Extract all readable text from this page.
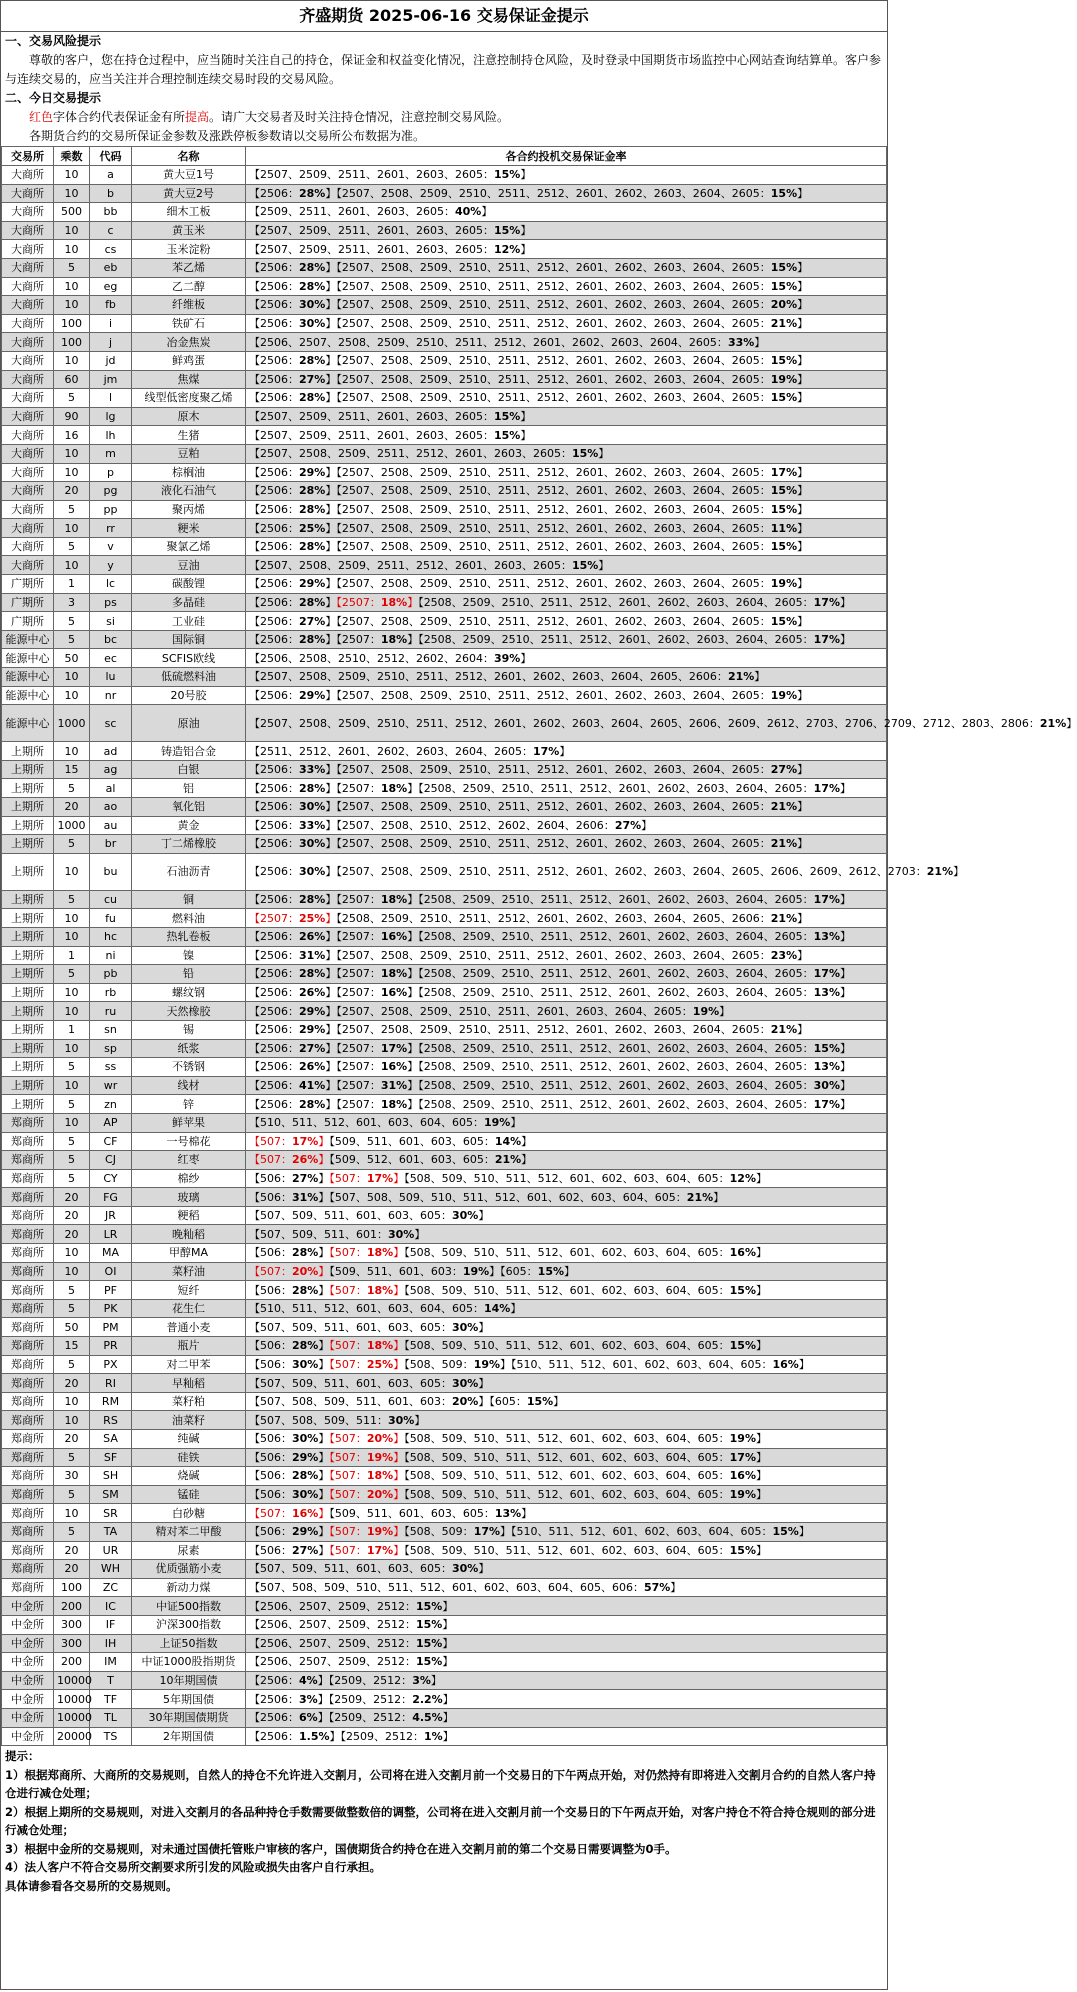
齐盛期货 2025-06-16 交易保证金提示
一、交易风险提示
尊敬的客户，您在持仓过程中，应当随时关注自己的持仓，保证金和权益变化情况，注意控制持仓风险，及时登录中国期货市场监控中心网站查询结算单。客户参与连续交易的，应当关注并合理控制连续交易时段的交易风险。
二、今日交易提示
红色字体合约代表保证金有所提高。请广大交易者及时关注持仓情况，注意控制交易风险。
各期货合约的交易所保证金参数及涨跌停板参数请以交易所公布数据为准。
交易所	乘数	代码	名称	各合约投机交易保证金率
大商所	10	a	黄大豆1号	【2507、2509、2511、2601、2603、2605：15%】
大商所	10	b	黄大豆2号	【2506：28%】【2507、2508、2509、2510、2511、2512、2601、2602、2603、2604、2605：15%】
大商所	500	bb	细木工板	【2509、2511、2601、2603、2605：40%】
大商所	10	c	黄玉米	【2507、2509、2511、2601、2603、2605：15%】
大商所	10	cs	玉米淀粉	【2507、2509、2511、2601、2603、2605：12%】
大商所	5	eb	苯乙烯	【2506：28%】【2507、2508、2509、2510、2511、2512、2601、2602、2603、2604、2605：15%】
大商所	10	eg	乙二醇	【2506：28%】【2507、2508、2509、2510、2511、2512、2601、2602、2603、2604、2605：15%】
大商所	10	fb	纤维板	【2506：30%】【2507、2508、2509、2510、2511、2512、2601、2602、2603、2604、2605：20%】
大商所	100	i	铁矿石	【2506：30%】【2507、2508、2509、2510、2511、2512、2601、2602、2603、2604、2605：21%】
大商所	100	j	冶金焦炭	【2506、2507、2508、2509、2510、2511、2512、2601、2602、2603、2604、2605：33%】
大商所	10	jd	鲜鸡蛋	【2506：28%】【2507、2508、2509、2510、2511、2512、2601、2602、2603、2604、2605：15%】
大商所	60	jm	焦煤	【2506：27%】【2507、2508、2509、2510、2511、2512、2601、2602、2603、2604、2605：19%】
大商所	5	l	线型低密度聚乙烯	【2506：28%】【2507、2508、2509、2510、2511、2512、2601、2602、2603、2604、2605：15%】
大商所	90	lg	原木	【2507、2509、2511、2601、2603、2605：15%】
大商所	16	lh	生猪	【2507、2509、2511、2601、2603、2605：15%】
大商所	10	m	豆粕	【2507、2508、2509、2511、2512、2601、2603、2605：15%】
大商所	10	p	棕榈油	【2506：29%】【2507、2508、2509、2510、2511、2512、2601、2602、2603、2604、2605：17%】
大商所	20	pg	液化石油气	【2506：28%】【2507、2508、2509、2510、2511、2512、2601、2602、2603、2604、2605：15%】
大商所	5	pp	聚丙烯	【2506：28%】【2507、2508、2509、2510、2511、2512、2601、2602、2603、2604、2605：15%】
大商所	10	rr	粳米	【2506：25%】【2507、2508、2509、2510、2511、2512、2601、2602、2603、2604、2605：11%】
大商所	5	v	聚氯乙烯	【2506：28%】【2507、2508、2509、2510、2511、2512、2601、2602、2603、2604、2605：15%】
大商所	10	y	豆油	【2507、2508、2509、2511、2512、2601、2603、2605：15%】
广期所	1	lc	碳酸锂	【2506：29%】【2507、2508、2509、2510、2511、2512、2601、2602、2603、2604、2605：19%】
广期所	3	ps	多晶硅	【2506：28%】【2507：18%】【2508、2509、2510、2511、2512、2601、2602、2603、2604、2605：17%】
广期所	5	si	工业硅	【2506：27%】【2507、2508、2509、2510、2511、2512、2601、2602、2603、2604、2605：15%】
能源中心	5	bc	国际铜	【2506：28%】【2507：18%】【2508、2509、2510、2511、2512、2601、2602、2603、2604、2605：17%】
能源中心	50	ec	SCFIS欧线	【2506、2508、2510、2512、2602、2604：39%】
能源中心	10	lu	低硫燃料油	【2507、2508、2509、2510、2511、2512、2601、2602、2603、2604、2605、2606：21%】
能源中心	10	nr	20号胶	【2506：29%】【2507、2508、2509、2510、2511、2512、2601、2602、2603、2604、2605：19%】
能源中心	1000	sc	原油	【2507、2508、2509、2510、2511、2512、2601、2602、2603、2604、2605、2606、2609、2612、2703、2706、2709、2712、2803、2806：21%】
上期所	10	ad	铸造铝合金	【2511、2512、2601、2602、2603、2604、2605：17%】
上期所	15	ag	白银	【2506：33%】【2507、2508、2509、2510、2511、2512、2601、2602、2603、2604、2605：27%】
上期所	5	al	铝	【2506：28%】【2507：18%】【2508、2509、2510、2511、2512、2601、2602、2603、2604、2605：17%】
上期所	20	ao	氧化铝	【2506：30%】【2507、2508、2509、2510、2511、2512、2601、2602、2603、2604、2605：21%】
上期所	1000	au	黄金	【2506：33%】【2507、2508、2510、2512、2602、2604、2606：27%】
上期所	5	br	丁二烯橡胶	【2506：30%】【2507、2508、2509、2510、2511、2512、2601、2602、2603、2604、2605：21%】
上期所	10	bu	石油沥青	【2506：30%】【2507、2508、2509、2510、2511、2512、2601、2602、2603、2604、2605、2606、2609、2612、2703：21%】
上期所	5	cu	铜	【2506：28%】【2507：18%】【2508、2509、2510、2511、2512、2601、2602、2603、2604、2605：17%】
上期所	10	fu	燃料油	【2507：25%】【2508、2509、2510、2511、2512、2601、2602、2603、2604、2605、2606：21%】
上期所	10	hc	热轧卷板	【2506：26%】【2507：16%】【2508、2509、2510、2511、2512、2601、2602、2603、2604、2605：13%】
上期所	1	ni	镍	【2506：31%】【2507、2508、2509、2510、2511、2512、2601、2602、2603、2604、2605：23%】
上期所	5	pb	铅	【2506：28%】【2507：18%】【2508、2509、2510、2511、2512、2601、2602、2603、2604、2605：17%】
上期所	10	rb	螺纹钢	【2506：26%】【2507：16%】【2508、2509、2510、2511、2512、2601、2602、2603、2604、2605：13%】
上期所	10	ru	天然橡胶	【2506：29%】【2507、2508、2509、2510、2511、2601、2603、2604、2605：19%】
上期所	1	sn	锡	【2506：29%】【2507、2508、2509、2510、2511、2512、2601、2602、2603、2604、2605：21%】
上期所	10	sp	纸浆	【2506：27%】【2507：17%】【2508、2509、2510、2511、2512、2601、2602、2603、2604、2605：15%】
上期所	5	ss	不锈钢	【2506：26%】【2507：16%】【2508、2509、2510、2511、2512、2601、2602、2603、2604、2605：13%】
上期所	10	wr	线材	【2506：41%】【2507：31%】【2508、2509、2510、2511、2512、2601、2602、2603、2604、2605：30%】
上期所	5	zn	锌	【2506：28%】【2507：18%】【2508、2509、2510、2511、2512、2601、2602、2603、2604、2605：17%】
郑商所	10	AP	鲜苹果	【510、511、512、601、603、604、605：19%】
郑商所	5	CF	一号棉花	【507：17%】【509、511、601、603、605：14%】
郑商所	5	CJ	红枣	【507：26%】【509、512、601、603、605：21%】
郑商所	5	CY	棉纱	【506：27%】【507：17%】【508、509、510、511、512、601、602、603、604、605：12%】
郑商所	20	FG	玻璃	【506：31%】【507、508、509、510、511、512、601、602、603、604、605：21%】
郑商所	20	JR	粳稻	【507、509、511、601、603、605：30%】
郑商所	20	LR	晚籼稻	【507、509、511、601：30%】
郑商所	10	MA	甲醇MA	【506：28%】【507：18%】【508、509、510、511、512、601、602、603、604、605：16%】
郑商所	10	OI	菜籽油	【507：20%】【509、511、601、603：19%】【605：15%】
郑商所	5	PF	短纤	【506：28%】【507：18%】【508、509、510、511、512、601、602、603、604、605：15%】
郑商所	5	PK	花生仁	【510、511、512、601、603、604、605：14%】
郑商所	50	PM	普通小麦	【507、509、511、601、603、605：30%】
郑商所	15	PR	瓶片	【506：28%】【507：18%】【508、509、510、511、512、601、602、603、604、605：15%】
郑商所	5	PX	对二甲苯	【506：30%】【507：25%】【508、509：19%】【510、511、512、601、602、603、604、605：16%】
郑商所	20	RI	早籼稻	【507、509、511、601、603、605：30%】
郑商所	10	RM	菜籽粕	【507、508、509、511、601、603：20%】【605：15%】
郑商所	10	RS	油菜籽	【507、508、509、511：30%】
郑商所	20	SA	纯碱	【506：30%】【507：20%】【508、509、510、511、512、601、602、603、604、605：19%】
郑商所	5	SF	硅铁	【506：29%】【507：19%】【508、509、510、511、512、601、602、603、604、605：17%】
郑商所	30	SH	烧碱	【506：28%】【507：18%】【508、509、510、511、512、601、602、603、604、605：16%】
郑商所	5	SM	锰硅	【506：30%】【507：20%】【508、509、510、511、512、601、602、603、604、605：19%】
郑商所	10	SR	白砂糖	【507：16%】【509、511、601、603、605：13%】
郑商所	5	TA	精对苯二甲酸	【506：29%】【507：19%】【508、509：17%】【510、511、512、601、602、603、604、605：15%】
郑商所	20	UR	尿素	【506：27%】【507：17%】【508、509、510、511、512、601、602、603、604、605：15%】
郑商所	20	WH	优质强筋小麦	【507、509、511、601、603、605：30%】
郑商所	100	ZC	新动力煤	【507、508、509、510、511、512、601、602、603、604、605、606：57%】
中金所	200	IC	中证500指数	【2506、2507、2509、2512：15%】
中金所	300	IF	沪深300指数	【2506、2507、2509、2512：15%】
中金所	300	IH	上证50指数	【2506、2507、2509、2512：15%】
中金所	200	IM	中证1000股指期货	【2506、2507、2509、2512：15%】
中金所	10000	T	10年期国债	【2506：4%】【2509、2512：3%】
中金所	10000	TF	5年期国债	【2506：3%】【2509、2512：2.2%】
中金所	10000	TL	30年期国债期货	【2506：6%】【2509、2512：4.5%】
中金所	20000	TS	2年期国债	【2506：1.5%】【2509、2512：1%】
提示：
1）根据郑商所、大商所的交易规则，自然人的持仓不允许进入交割月，公司将在进入交割月前一个交易日的下午两点开始，对仍然持有即将进入交割月合约的自然人客户持仓进行减仓处理；
2）根据上期所的交易规则，对进入交割月的各品种持仓手数需要做整数倍的调整，公司将在进入交割月前一个交易日的下午两点开始，对客户持仓不符合持仓规则的部分进行减仓处理；
3）根据中金所的交易规则，对未通过国债托管账户审核的客户，国债期货合约持仓在进入交割月前的第二个交易日需要调整为0手。
4）法人客户不符合交易所交割要求所引发的风险或损失由客户自行承担。
具体请参看各交易所的交易规则。
